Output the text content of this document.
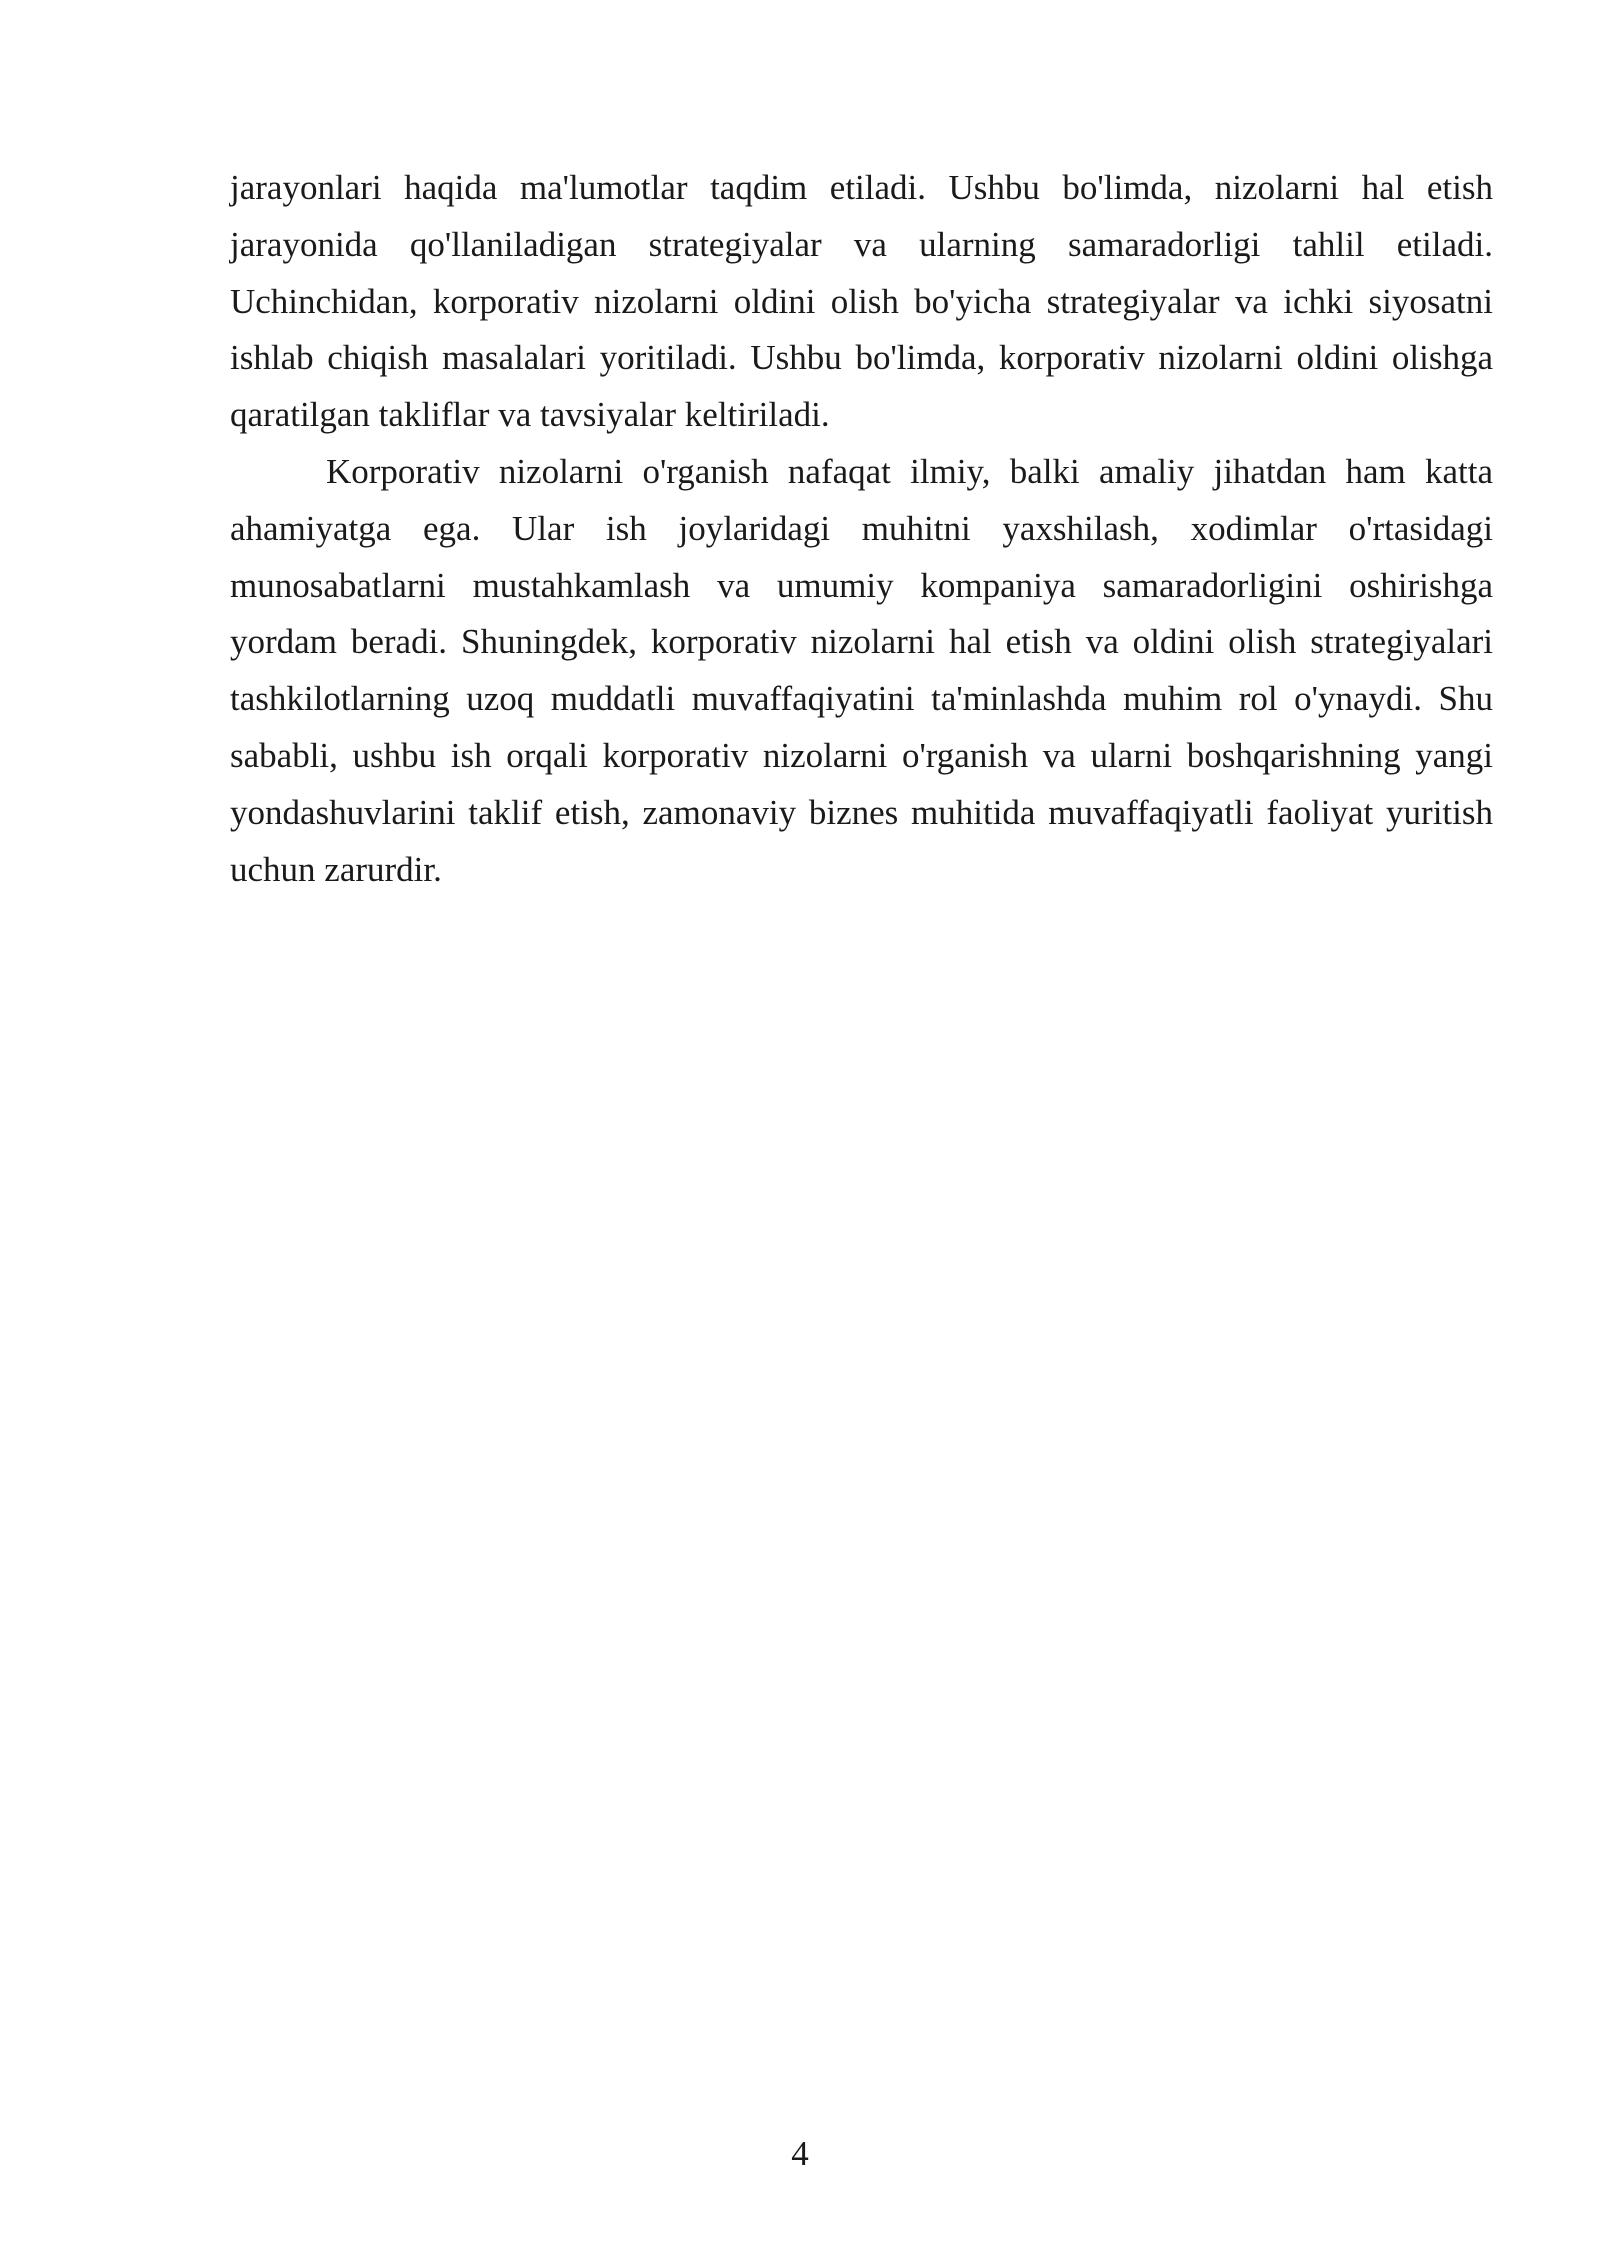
jarayonlari haqida ma'lumotlar taqdim etiladi. Ushbu bo'limda, nizolarni hal etish jarayonida qo'llaniladigan strategiyalar va ularning samaradorligi tahlil etiladi. Uchinchidan, korporativ nizolarni oldini olish bo'yicha strategiyalar va ichki siyosatni ishlab chiqish masalalari yoritiladi. Ushbu bo'limda, korporativ nizolarni oldini olishga qaratilgan takliflar va tavsiyalar keltiriladi.

Korporativ nizolarni o'rganish nafaqat ilmiy, balki amaliy jihatdan ham katta ahamiyatga ega. Ular ish joylaridagi muhitni yaxshilash, xodimlar o'rtasidagi munosabatlarni mustahkamlash va umumiy kompaniya samaradorligini oshirishga yordam beradi. Shuningdek, korporativ nizolarni hal etish va oldini olish strategiyalari tashkilotlarning uzoq muddatli muvaffaqiyatini ta'minlashda muhim rol o'ynaydi. Shu sababli, ushbu ish orqali korporativ nizolarni o'rganish va ularni boshqarishning yangi yondashuvlarini taklif etish, zamonaviy biznes muhitida muvaffaqiyatli faoliyat yuritish uchun zarurdir.

4
